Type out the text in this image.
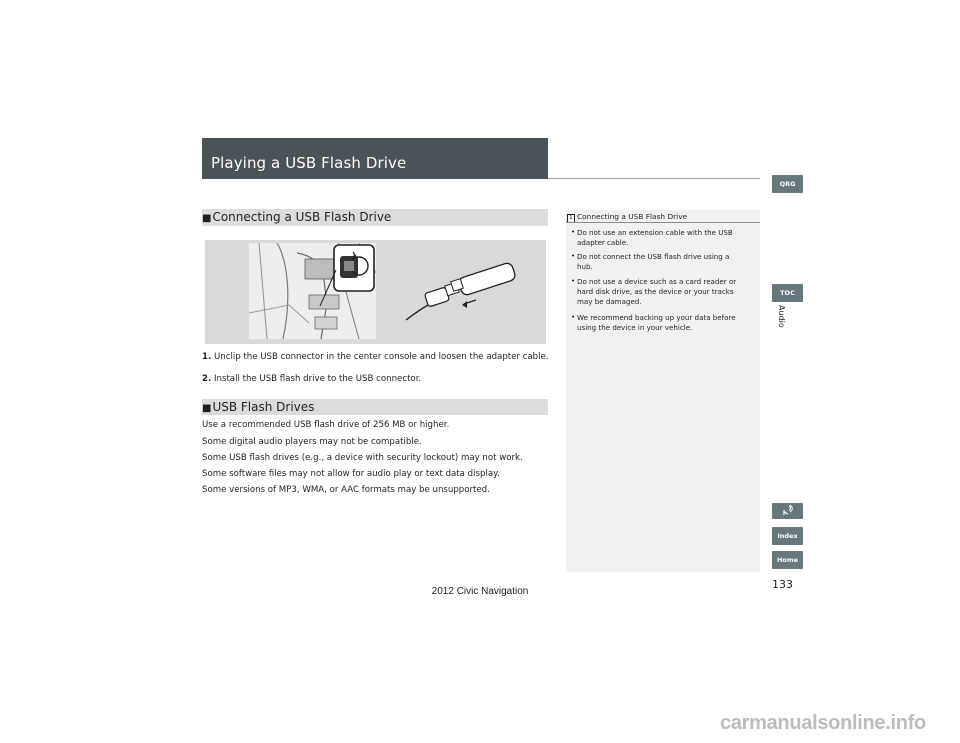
Playing a USB Flash Drive
■Connecting a USB Flash Drive
1. Unclip the USB connector in the center console and loosen the adapter cable.
2. Install the USB flash drive to the USB connector.
■USB Flash Drives
Use a recommended USB flash drive of 256 MB or higher.
Some digital audio players may not be compatible.
Some USB flash drives (e.g., a device with security lockout) may not work.
Some software files may not allow for audio play or text data display.
Some versions of MP3, WMA, or AAC formats may be unsupported.
1 Connecting a USB Flash Drive
• Do not use an extension cable with the USB
adapter cable.
• Do not connect the USB flash drive using a
hub.
• Do not use a device such as a card reader or
hard disk drive, as the device or your tracks
may be damaged.
• We recommend backing up your data before
using the device in your vehicle.
QRG
TOC
Audio
Index
Home
133
2012 Civic Navigation
carmanualsonline.info
